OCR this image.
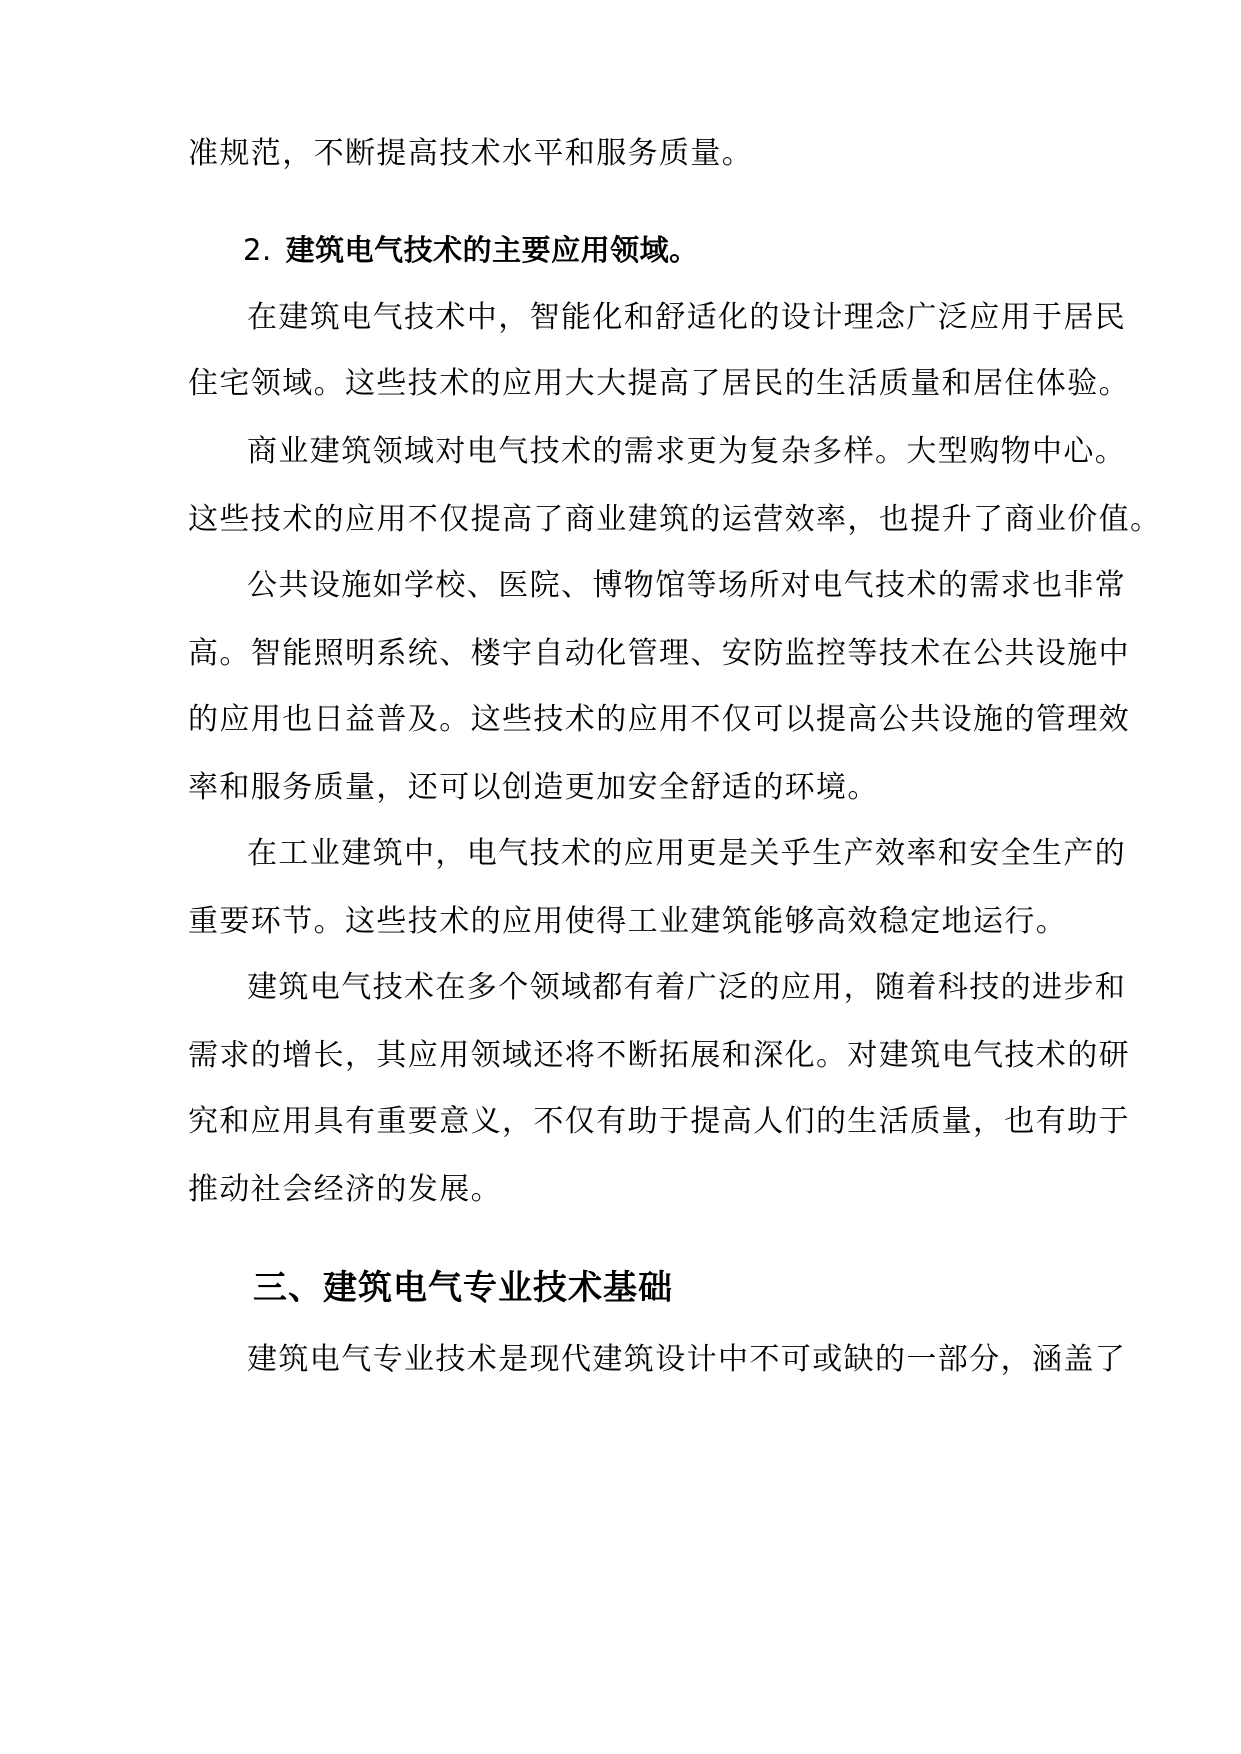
准规范，不断提高技术水平和服务质量。
2. 建筑电气技术的主要应用领域。
在建筑电气技术中，智能化和舒适化的设计理念广泛应用于居民
住宅领域。这些技术的应用大大提高了居民的生活质量和居住体验。
商业建筑领域对电气技术的需求更为复杂多样。大型购物中心。
这些技术的应用不仅提高了商业建筑的运营效率，也提升了商业价值。
公共设施如学校、医院、博物馆等场所对电气技术的需求也非常
高。智能照明系统、楼宇自动化管理、安防监控等技术在公共设施中
的应用也日益普及。这些技术的应用不仅可以提高公共设施的管理效
率和服务质量，还可以创造更加安全舒适的环境。
在工业建筑中，电气技术的应用更是关乎生产效率和安全生产的
重要环节。这些技术的应用使得工业建筑能够高效稳定地运行。
建筑电气技术在多个领域都有着广泛的应用，随着科技的进步和
需求的增长，其应用领域还将不断拓展和深化。对建筑电气技术的研
究和应用具有重要意义，不仅有助于提高人们的生活质量，也有助于
推动社会经济的发展。
三、建筑电气专业技术基础
建筑电气专业技术是现代建筑设计中不可或缺的一部分，涵盖了
